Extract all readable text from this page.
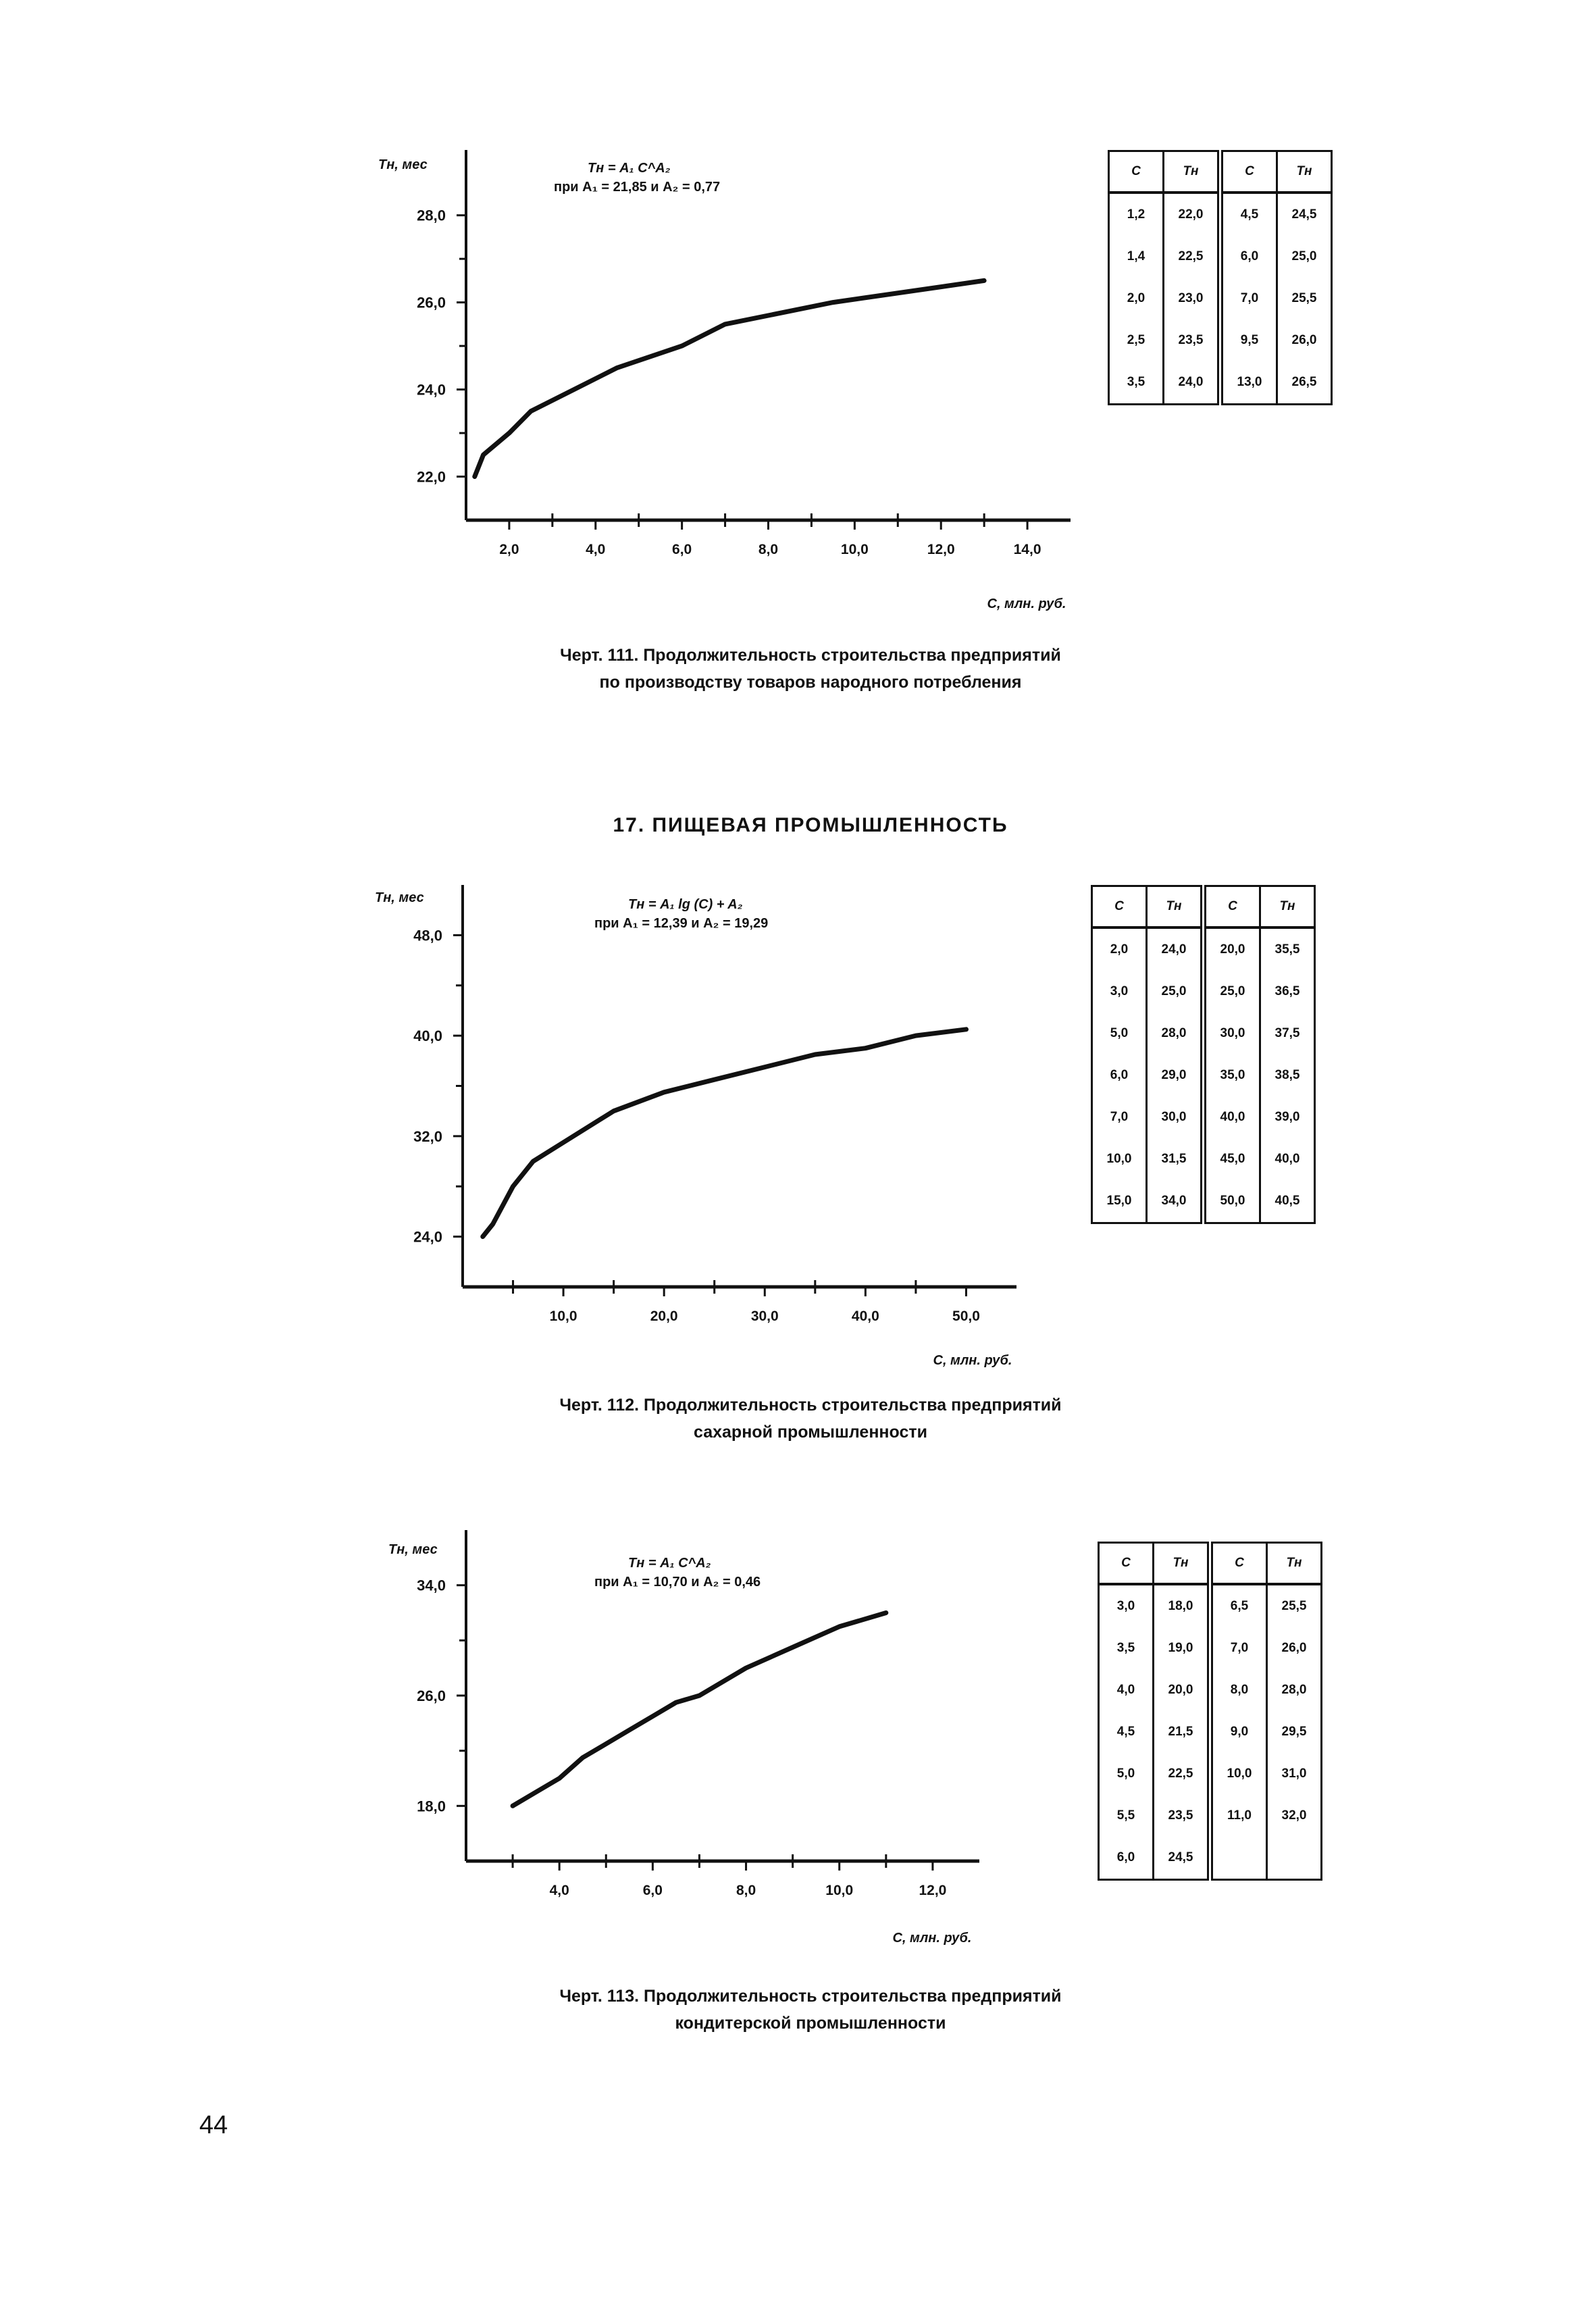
22,0
24,0
26,0
28,0
2,0	4,0	6,0	8,0	10,0	12,0	14,0
Tн, мес
С, млн. руб.
Tн = A₁ C^A₂
при A₁ = 21,85 и A₂ = 0,77
24,0
32,0
40,0
48,0
10,0	20,0	30,0	40,0	50,0
Tн, мес
С, млн. руб.
Tн = A₁ lg (C) + A₂
при A₁ = 12,39 и A₂ = 19,29
18,0
26,0
34,0
4,0	6,0	8,0	10,0	12,0
Tн, мес
С, млн. руб.
Tн = A₁ C^A₂
при A₁ = 10,70 и A₂ = 0,46
С	Tн	С	Tн
1,2	22,0	4,5	24,5
1,4	22,5	6,0	25,0
2,0	23,0	7,0	25,5
2,5	23,5	9,5	26,0
3,5	24,0	13,0	26,5
Черт. 111. Продолжительность строительства предприятий
по производству товаров народного потребления
17. ПИЩЕВАЯ ПРОМЫШЛЕННОСТЬ
С	Tн	С	Tн
2,0	24,0	20,0	35,5
3,0	25,0	25,0	36,5
5,0	28,0	30,0	37,5
6,0	29,0	35,0	38,5
7,0	30,0	40,0	39,0
10,0	31,5	45,0	40,0
15,0	34,0	50,0	40,5
Черт. 112. Продолжительность строительства предприятий
сахарной промышленности
С	Tн	С	Tн
3,0	18,0	6,5	25,5
3,5	19,0	7,0	26,0
4,0	20,0	8,0	28,0
4,5	21,5	9,0	29,5
5,0	22,5	10,0	31,0
5,5	23,5	11,0	32,0
6,0	24,5		
Черт. 113. Продолжительность строительства предприятий
кондитерской промышленности
44
